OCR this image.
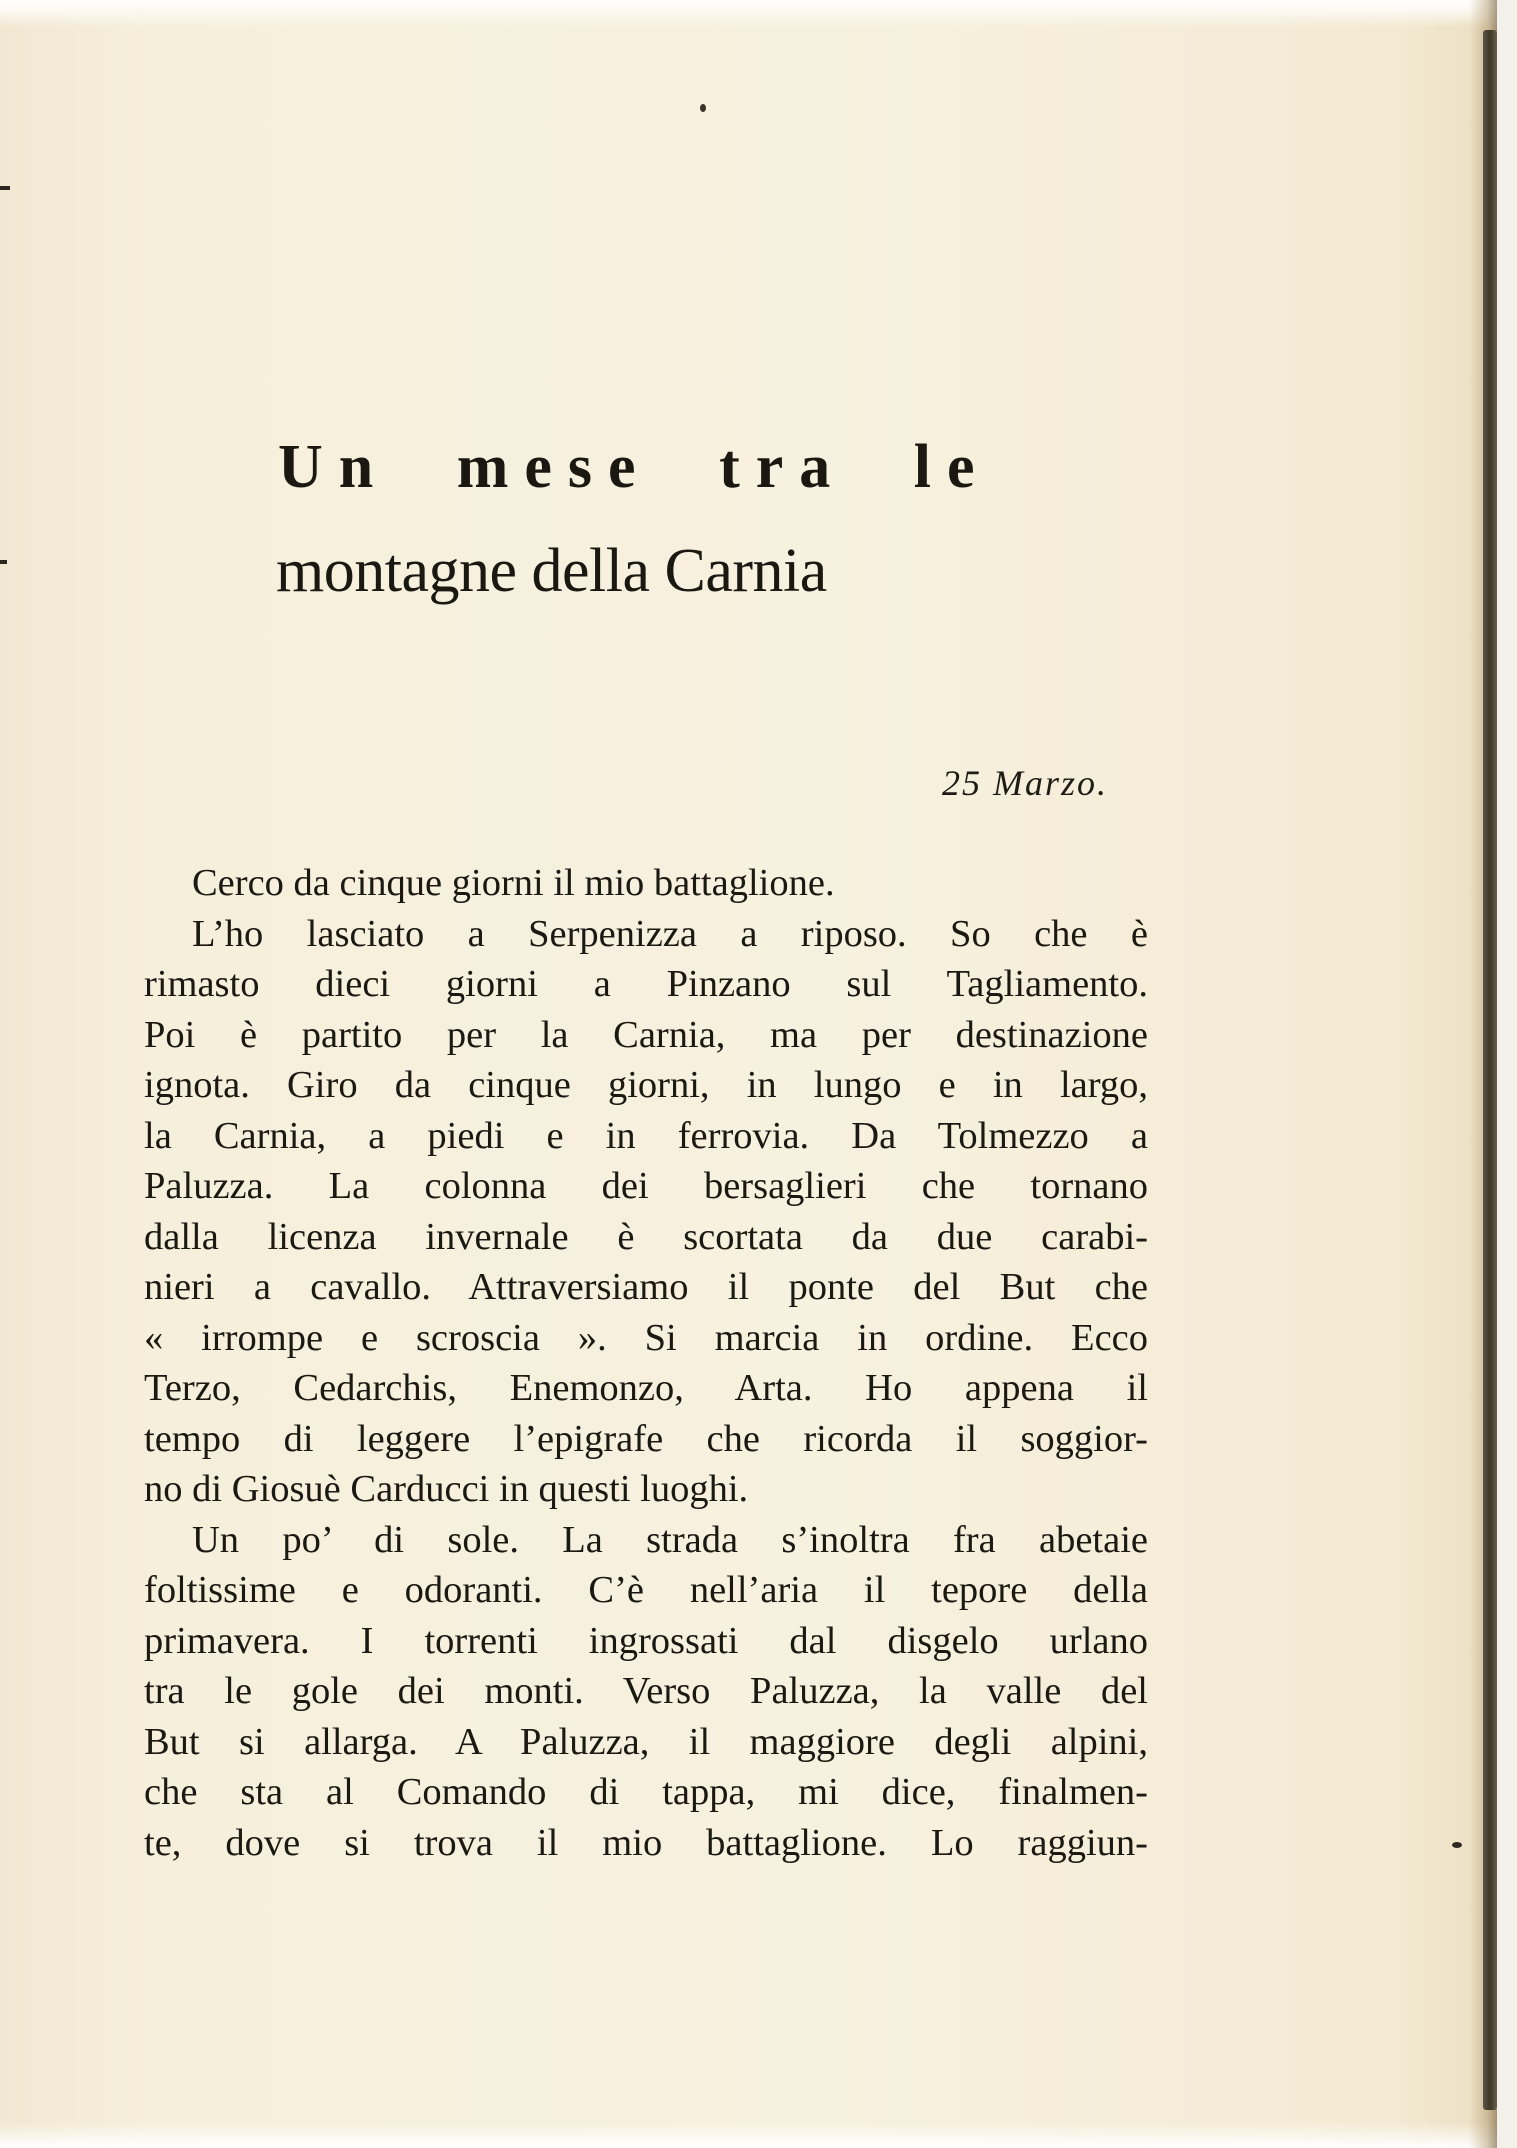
Un mese tra le
montagne della Carnia
25 Marzo.
Cerco da cinque giorni il mio battaglione.
L’ho lasciato a Serpenizza a riposo. So che è
rimasto dieci giorni a Pinzano sul Tagliamento.
Poi è partito per la Carnia, ma per destinazione
ignota. Giro da cinque giorni, in lungo e in largo,
la Carnia, a piedi e in ferrovia. Da Tolmezzo a
Paluzza. La colonna dei bersaglieri che tornano
dalla licenza invernale è scortata da due carabi-
nieri a cavallo. Attraversiamo il ponte del But che
« irrompe e scroscia ». Si marcia in ordine. Ecco
Terzo, Cedarchis, Enemonzo, Arta. Ho appena il
tempo di leggere l’epigrafe che ricorda il soggior-
no di Giosuè Carducci in questi luoghi.
Un po’ di sole. La strada s’inoltra fra abetaie
foltissime e odoranti. C’è nell’aria il tepore della
primavera. I torrenti ingrossati dal disgelo urlano
tra le gole dei monti. Verso Paluzza, la valle del
But si allarga. A Paluzza, il maggiore degli alpini,
che sta al Comando di tappa, mi dice, finalmen-
te, dove si trova il mio battaglione. Lo raggiun-
